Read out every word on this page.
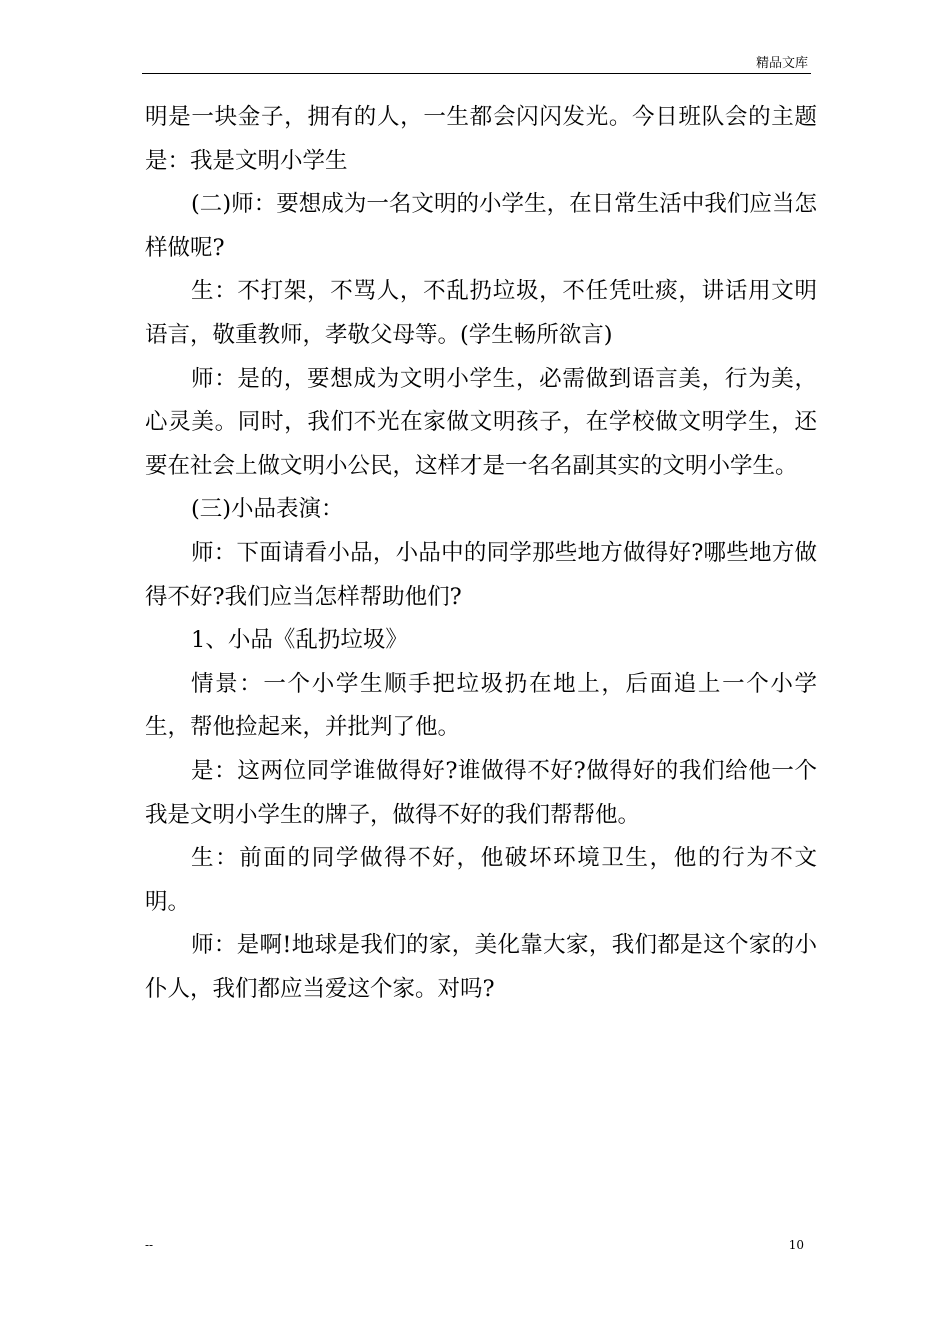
精品文库

明是一块金子，拥有的人，一生都会闪闪发光。今日班队会的主题是：我是文明小学生

(二)师：要想成为一名文明的小学生，在日常生活中我们应当怎样做呢?

生：不打架，不骂人，不乱扔垃圾，不任凭吐痰，讲话用文明语言，敬重教师，孝敬父母等。(学生畅所欲言)

师：是的，要想成为文明小学生，必需做到语言美，行为美，心灵美。同时，我们不光在家做文明孩子，在学校做文明学生，还要在社会上做文明小公民，这样才是一名名副其实的文明小学生。

(三)小品表演：

师：下面请看小品，小品中的同学那些地方做得好?哪些地方做得不好?我们应当怎样帮助他们?

1、小品《乱扔垃圾》

情景：一个小学生顺手把垃圾扔在地上，后面追上一个小学生，帮他捡起来，并批判了他。

是：这两位同学谁做得好?谁做得不好?做得好的我们给他一个我是文明小学生的牌子，做得不好的我们帮帮他。

生：前面的同学做得不好，他破坏环境卫生，他的行为不文明。

师：是啊!地球是我们的家，美化靠大家，我们都是这个家的小仆人，我们都应当爱这个家。对吗?

--	10
